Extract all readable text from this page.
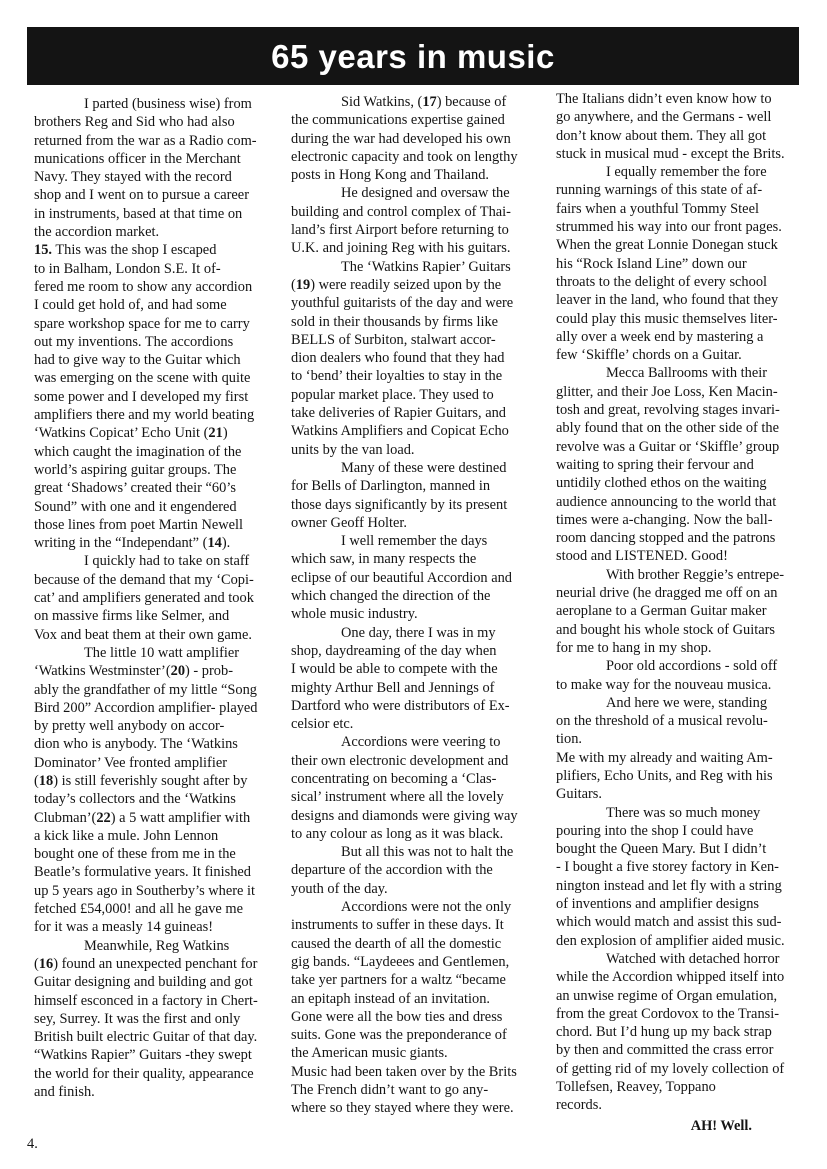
65 years in music

I parted (business wise) from
brothers Reg and Sid who had also
returned from the war as a Radio com-
munications officer in the Merchant
Navy. They stayed with the record
shop and I went on to pursue a career
in instruments, based at that time on
the accordion market.

15. This was the shop I escaped
to in Balham, London S.E. It of-
fered me room to show any accordion
I could get hold of, and had some
spare workshop space for me to carry
out my inventions. The accordions
had to give way to the Guitar which
was emerging on the scene with quite
some power and I developed my first
amplifiers there and my world beating
‘Watkins Copicat’ Echo Unit (21)
which caught the imagination of the
world’s aspiring guitar groups. The
great ‘Shadows’ created their “60’s
Sound” with one and it engendered
those lines from poet Martin Newell
writing in the “Independant” (14).

I quickly had to take on staff
because of the demand that my ‘Copi-
cat’ and amplifiers generated and took
on massive firms like Selmer, and
Vox and beat them at their own game.

The little 10 watt amplifier
‘Watkins Westminster’(20) - prob-
ably the grandfather of my little “Song
Bird 200” Accordion amplifier- played
by pretty well anybody on accor-
dion who is anybody. The ‘Watkins
Dominator’ Vee fronted amplifier
(18) is still feverishly sought after by
today’s collectors and the ‘Watkins
Clubman’(22) a 5 watt amplifier with
a kick like a mule. John Lennon
bought one of these from me in the
Beatle’s formulative years. It finished
up 5 years ago in Southerby’s where it
fetched £54,000! and all he gave me
for it was a measly 14 guineas!

Meanwhile, Reg Watkins
(16) found an unexpected penchant for
Guitar designing and building and got
himself esconced in a factory in Chert-
sey, Surrey. It was the first and only
British built electric Guitar of that day.
“Watkins Rapier” Guitars -they swept
the world for their quality, appearance
and finish.

Sid Watkins, (17) because of
the communications expertise gained
during the war had developed his own
electronic capacity and took on lengthy
posts in Hong Kong and Thailand.

He designed and oversaw the
building and control complex of Thai-
land’s first Airport before returning to
U.K. and joining Reg with his guitars.

The ‘Watkins Rapier’ Guitars
(19) were readily seized upon by the
youthful guitarists of the day and were
sold in their thousands by firms like
BELLS of Surbiton, stalwart accor-
dion dealers who found that they had
to ‘bend’ their loyalties to stay in the
popular market place. They used to
take deliveries of Rapier Guitars, and
Watkins Amplifiers and Copicat Echo
units by the van load.

Many of these were destined
for Bells of Darlington, manned in
those days significantly by its present
owner Geoff Holter.

I well remember the days
which saw, in many respects the
eclipse of our beautiful Accordion and
which changed the direction of the
whole music industry.

One day, there I was in my
shop, daydreaming of the day when
I would be able to compete with the
mighty Arthur Bell and Jennings of
Dartford who were distributors of Ex-
celsior etc.

Accordions were veering to
their own electronic development and
concentrating on becoming a ‘Clas-
sical’ instrument where all the lovely
designs and diamonds were giving way
to any colour as long as it was black.

But all this was not to halt the
departure of the accordion with the
youth of the day.

Accordions were not the only
instruments to suffer in these days. It
caused the dearth of all the domestic
gig bands. “Laydeees and Gentlemen,
take yer partners for a waltz “became
an epitaph instead of an invitation.
Gone were all the bow ties and dress
suits. Gone was the preponderance of
the American music giants.
Music had been taken over by the Brits
The French didn’t want to go any-
where so they stayed where they were.

The Italians didn’t even know how to
go anywhere, and the Germans - well
don’t know about them. They all got
stuck in musical mud - except the Brits.

I equally remember the fore
running warnings of this state of af-
fairs when a youthful Tommy Steel
strummed his way into our front pages.
When the great Lonnie Donegan stuck
his “Rock Island Line” down our
throats to the delight of every school
leaver in the land, who found that they
could play this music themselves liter-
ally over a week end by mastering a
few ‘Skiffle’ chords on a Guitar.

Mecca Ballrooms with their
glitter, and their Joe Loss, Ken Macin-
tosh and great, revolving stages invari-
ably found that on the other side of the
revolve was a Guitar or ‘Skiffle’ group
waiting to spring their fervour and
untidily clothed ethos on the waiting
audience announcing to the world that
times were a-changing. Now the ball-
room dancing stopped and the patrons
stood and LISTENED. Good!

With brother Reggie’s entrepe-
neurial drive (he dragged me off on an
aeroplane to a German Guitar maker
and bought his whole stock of Guitars
for me to hang in my shop.

Poor old accordions - sold off
to make way for the nouveau musica.

And here we were, standing
on the threshold of a musical revolu-
tion.
Me with my already and waiting Am-
plifiers, Echo Units, and Reg with his
Guitars.

There was so much money
pouring into the shop I could have
bought the Queen Mary. But I didn’t
- I bought a five storey factory in Ken-
nington instead and let fly with a string
of inventions and amplifier designs
which would match and assist this sud-
den explosion of amplifier aided music.

Watched with detached horror
while the Accordion whipped itself into
an unwise regime of Organ emulation,
from the great Cordovox to the Transi-
chord. But I’d hung up my back strap
by then and committed the crass error
of getting rid of my lovely collection of
Tollefsen, Reavey, Toppano
records.

AH! Well.

4.
